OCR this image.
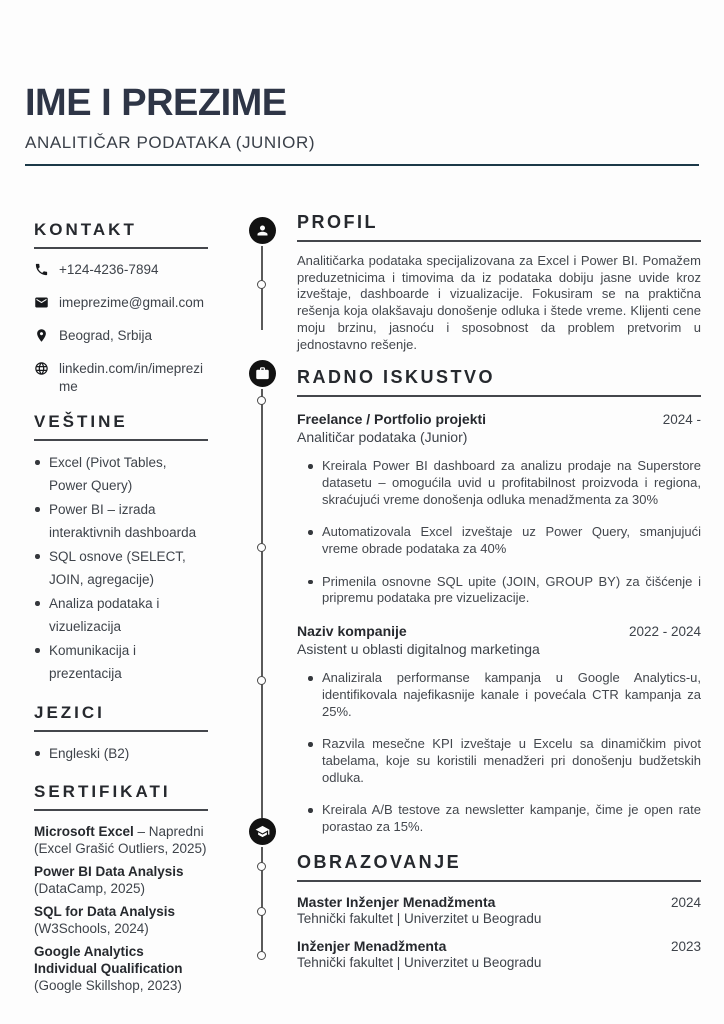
IME I PREZIME
ANALITIČAR PODATAKA (JUNIOR)
KONTAKT
+124-4236-7894
imeprezime@gmail.com
Beograd, Srbija
linkedin.com/in/imeprezime
VEŠTINE
Excel (Pivot Tables, Power Query)
Power BI – izrada interaktivnih dashboarda
SQL osnove (SELECT, JOIN, agregacije)
Analiza podataka i vizuelizacija
Komunikacija i prezentacija
JEZICI
Engleski (B2)
SERTIFIKATI
Microsoft Excel – Napredni (Excel Grašić Outliers, 2025)
Power BI Data Analysis (DataCamp, 2025)
SQL for Data Analysis (W3Schools, 2024)
Google Analytics Individual Qualification (Google Skillshop, 2023)
PROFIL

Analitičarka podataka specijalizovana za Excel i Power BI. Pomažem preduzetnicima i timovima da iz podataka dobiju jasne uvide kroz izveštaje, dashboarde i vizualizacije. Fokusiram se na praktična rešenja koja olakšavaju donošenje odluka i štede vreme. Klijenti cene moju brzinu, jasnoću i sposobnost da problem pretvorim u jednostavno rešenje.

RADNO ISKUSTVO
Freelance / Portfolio projekti	2024 -
Analitičar podataka (Junior)
Kreirala Power BI dashboard za analizu prodaje na Superstore datasetu – omogućila uvid u profitabilnost proizvoda i regiona, skraćujući vreme donošenja odluka menadžmenta za 30%
Automatizovala Excel izveštaje uz Power Query, smanjujući vreme obrade podataka za 40%
Primenila osnovne SQL upite (JOIN, GROUP BY) za čišćenje i pripremu podataka pre vizuelizacije.
Naziv kompanije	2022 - 2024
Asistent u oblasti digitalnog marketinga
Analizirala performanse kampanja u Google Analytics-u, identifikovala najefikasnije kanale i povećala CTR kampanja za 25%.
Razvila mesečne KPI izveštaje u Excelu sa dinamičkim pivot tabelama, koje su koristili menadžeri pri donošenju budžetskih odluka.
Kreirala A/B testove za newsletter kampanje, čime je open rate porastao za 15%.
OBRAZOVANJE
Master Inženjer Menadžmenta	2024
Tehnički fakultet | Univerzitet u Beogradu
Inženjer Menadžmenta	2023
Tehnički fakultet | Univerzitet u Beogradu
